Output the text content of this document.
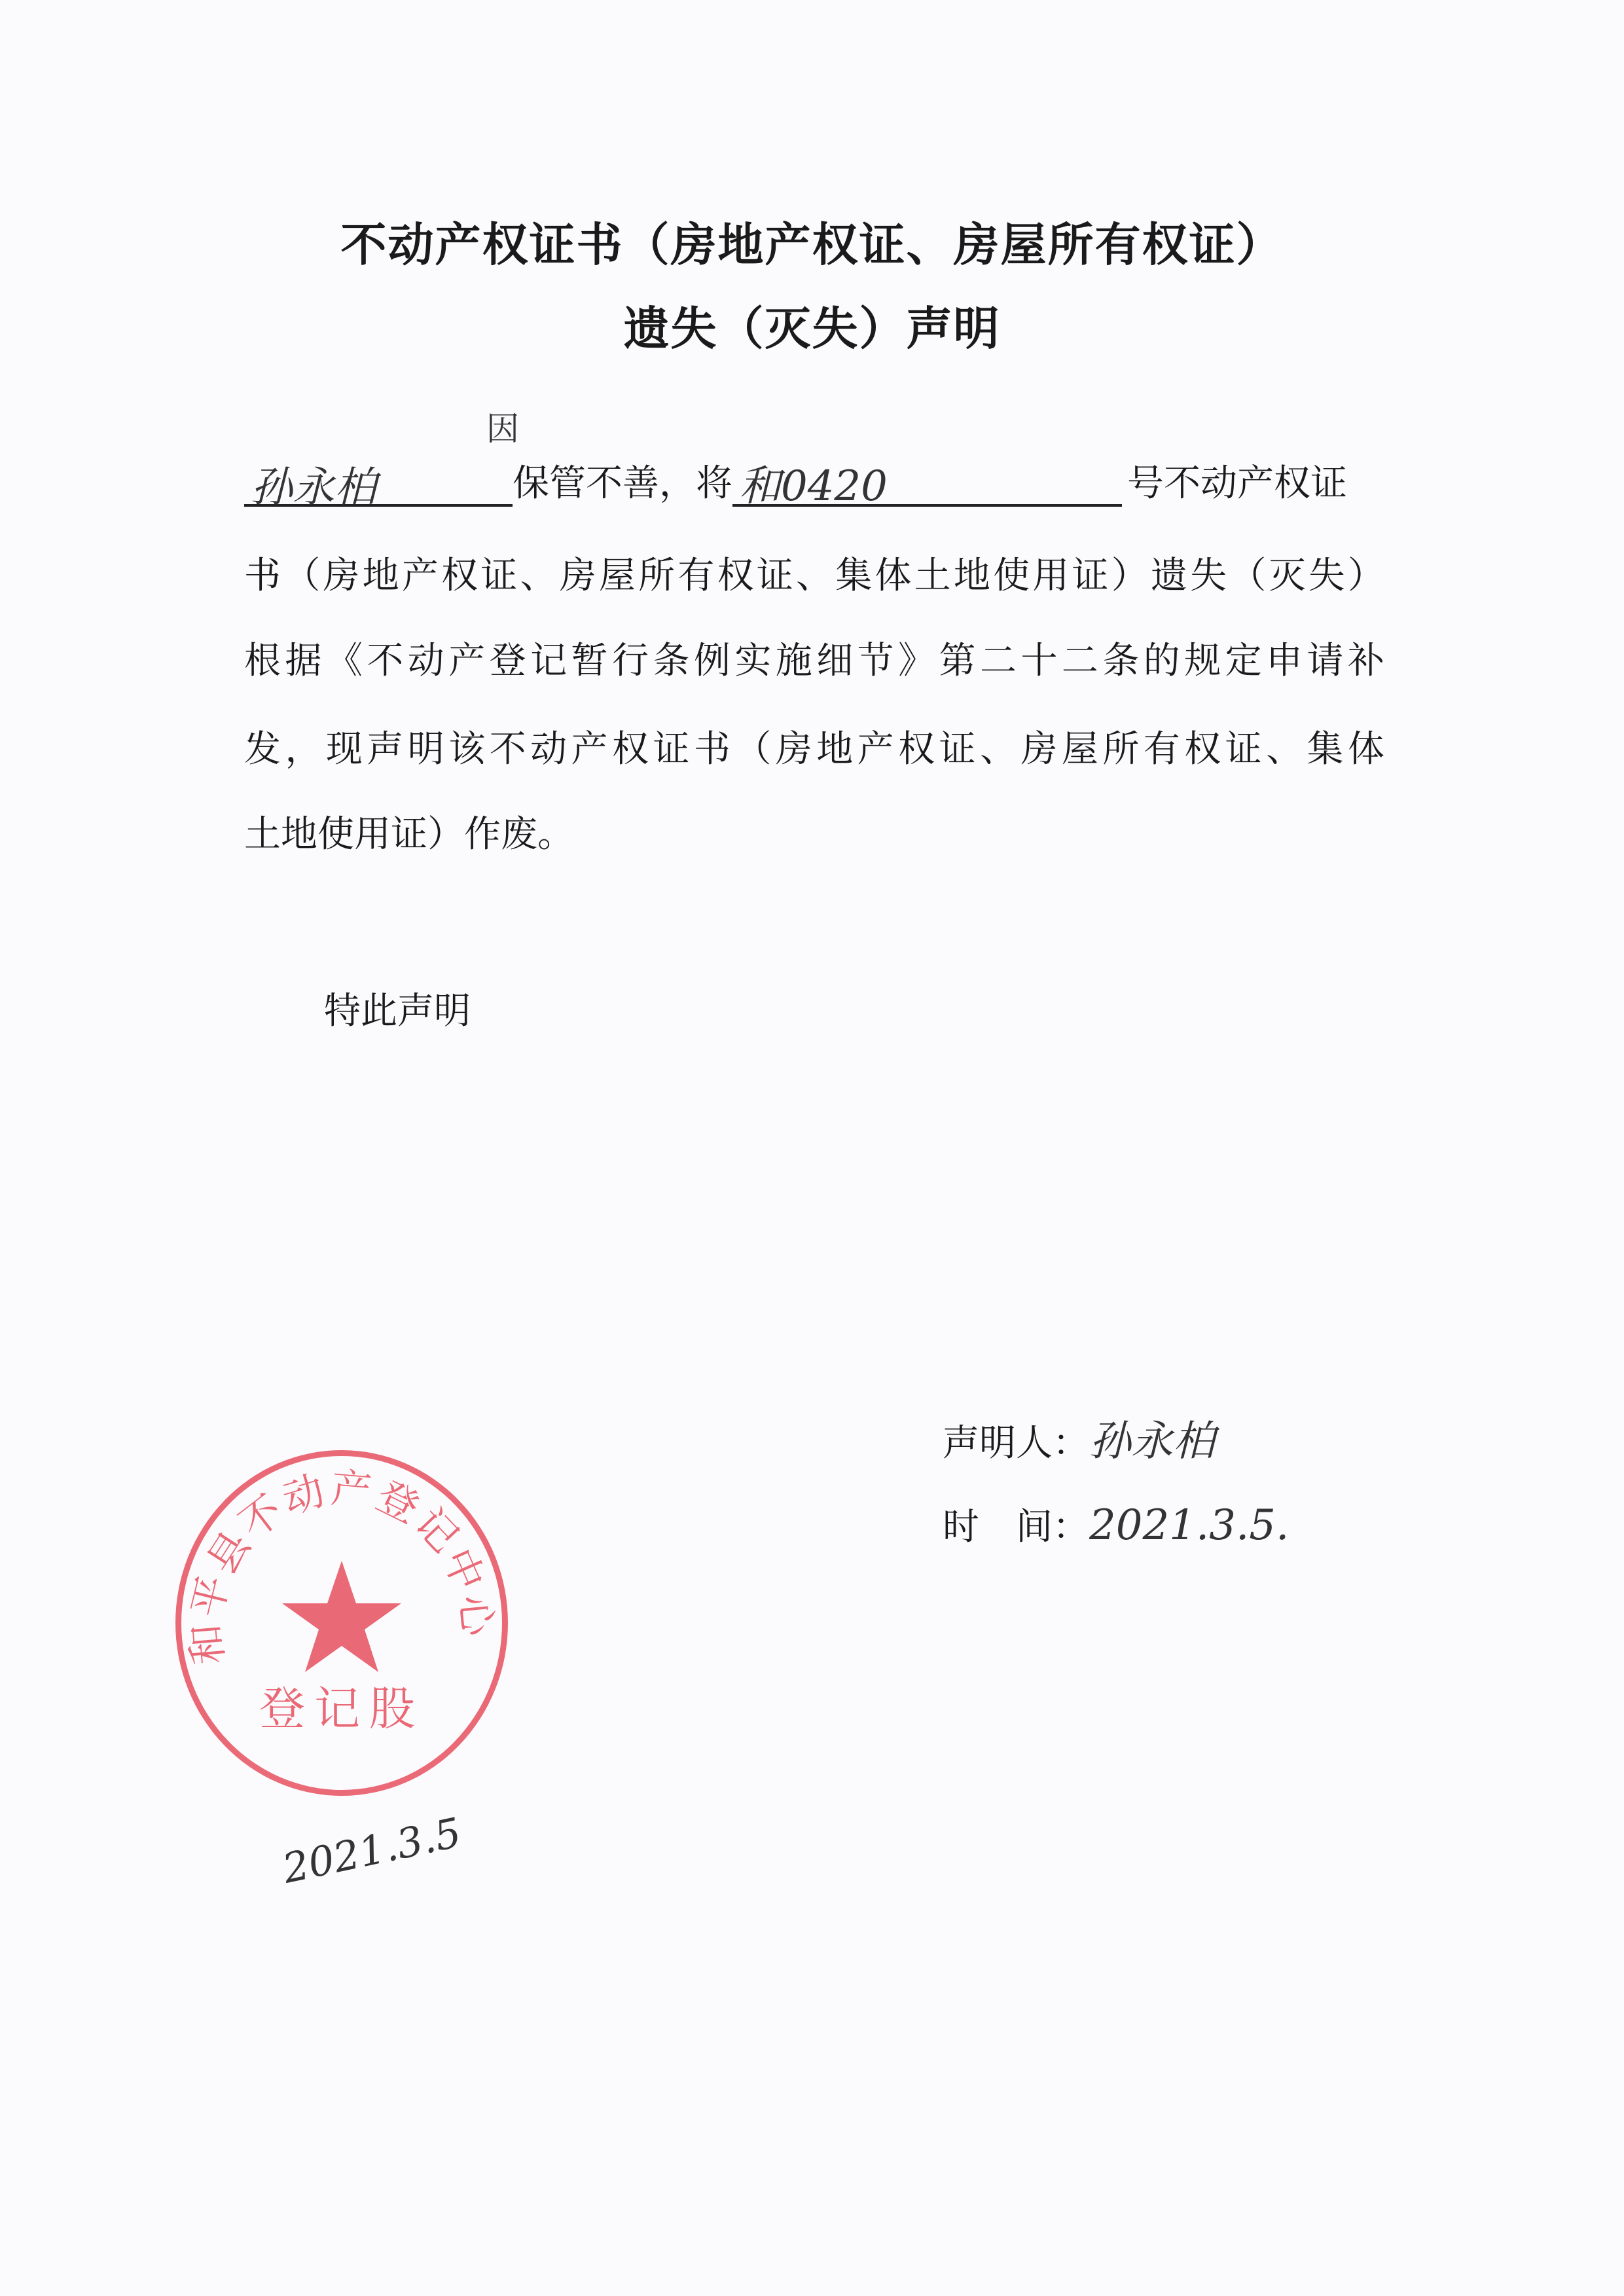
不动产权证书（房地产权证、房屋所有权证）
遗失（灭失）声明
孙永柏
因
保管不善，将 和0420	号不动产权证
书（房地产权证、房屋所有权证、集体土地使用证）遗失（灭失）
根据《不动产登记暂行条例实施细节》第二十二条的规定申请补
发，现声明该不动产权证书（房地产权证、房屋所有权证、集体
土地使用证）作废。
特此声明
声明人：孙永柏
时　间：2021.3.5.
和平县不动产登记中心
登记股
2021.3.5
